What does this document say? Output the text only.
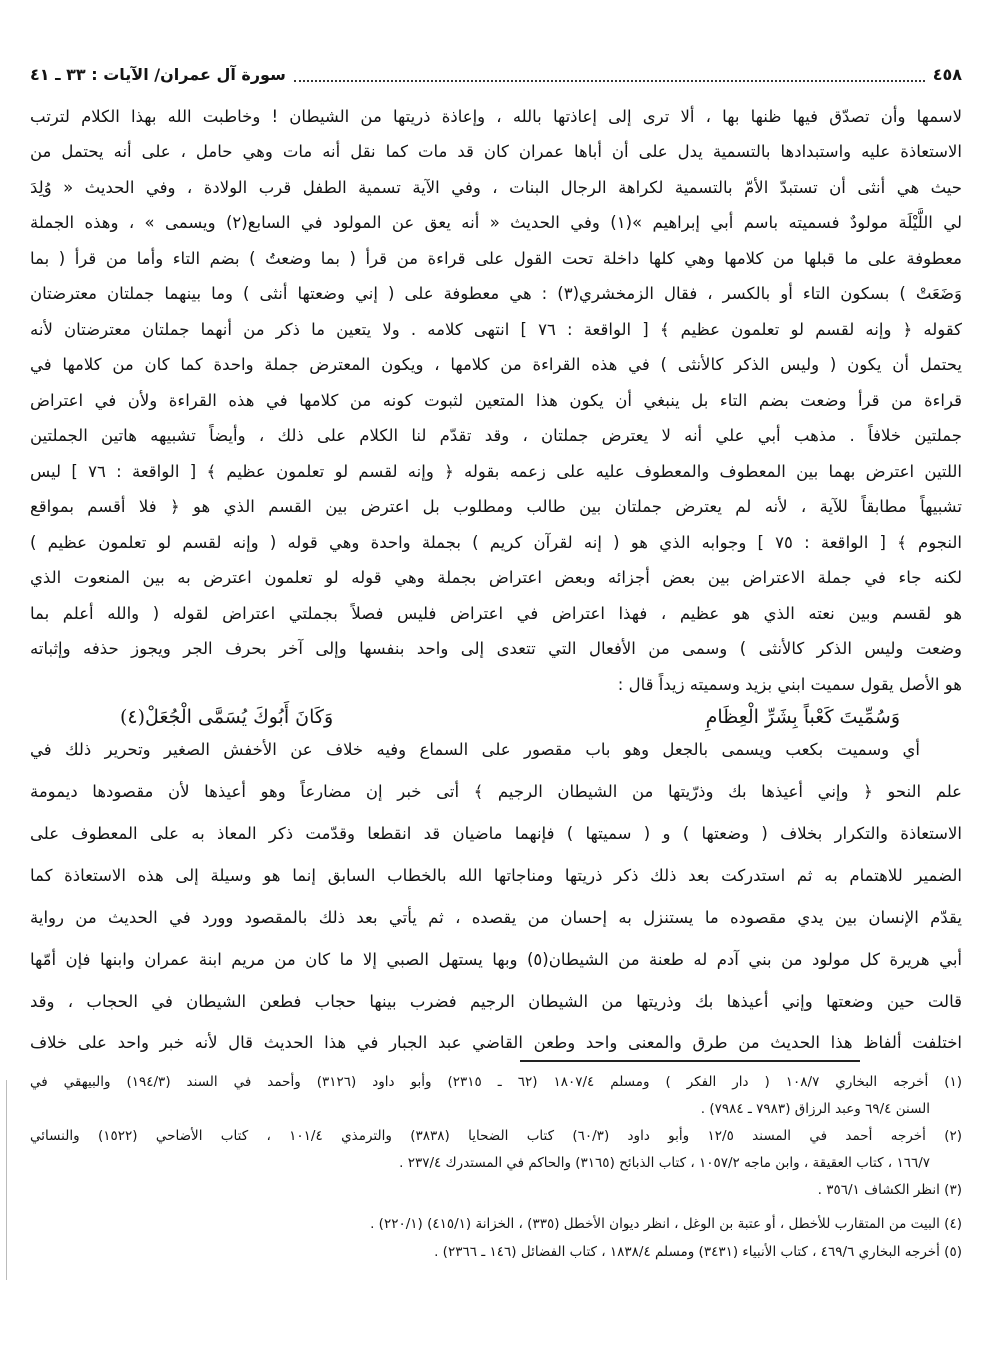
٤٥٨
سورة آل عمران/ الآيات : ٣٣ ـ ٤١
لاسمها وأن تصدّق فيها ظنها بها ، ألا ترى إلى إعاذتها بالله ، وإعاذة ذريتها من الشيطان ! وخاطبت الله بهذا الكلام لترتب
الاستعاذة عليه واستبدادها بالتسمية يدل على أن أباها عمران كان قد مات كما نقل أنه مات وهي حامل ، على أنه يحتمل من
حيث هي أنثى أن تستبدّ الأمّ بالتسمية لكراهة الرجال البنات ، وفي الآية تسمية الطفل قرب الولادة ، وفي الحديث « وُلِدَ
لي اللَّيْلَة مولودٌ فسميته باسم أبي إبراهيم »(١) وفي الحديث « أنه يعق عن المولود في السابع(٢) ويسمى » ، وهذه الجملة
معطوفة على ما قبلها من كلامها وهي كلها داخلة تحت القول على قراءة من قرأ ( بما وضعتُ ) بضم التاء وأما من قرأ ( بما
وَضَعَتْ ) بسكون التاء أو بالكسر ، فقال الزمخشري(٣) : هي معطوفة على ( إني وضعتها أنثى ) وما بينهما جملتان معترضتان
كقوله ﴿ وإنه لقسم لو تعلمون عظيم ﴾ [ الواقعة : ٧٦ ] انتهى كلامه . ولا يتعين ما ذكر من أنهما جملتان معترضتان لأنه
يحتمل أن يكون ( وليس الذكر كالأنثى ) في هذه القراءة من كلامها ، ويكون المعترض جملة واحدة كما كان من كلامها في
قراءة من قرأ وضعت بضم التاء بل ينبغي أن يكون هذا المتعين لثبوت كونه من كلامها في هذه القراءة ولأن في اعتراض
جملتين خلافاً . مذهب أبي علي أنه لا يعترض جملتان ، وقد تقدّم لنا الكلام على ذلك ، وأيضاً تشبيهه هاتين الجملتين
اللتين اعترض بهما بين المعطوف والمعطوف عليه على زعمه بقوله ﴿ وإنه لقسم لو تعلمون عظيم ﴾ [ الواقعة : ٧٦ ] ليس
تشبيهاً مطابقاً للآية ، لأنه لم يعترض جملتان بين طالب ومطلوب بل اعترض بين القسم الذي هو ﴿ فلا أقسم بمواقع
النجوم ﴾ [ الواقعة : ٧٥ ] وجوابه الذي هو ( إنه لقرآن كريم ) بجملة واحدة وهي قوله ( وإنه لقسم لو تعلمون عظيم )
لكنه جاء في جملة الاعتراض بين بعض أجزائه وبعض اعتراض بجملة وهي قوله لو تعلمون اعترض به بين المنعوت الذي
هو لقسم وبين نعته الذي هو عظيم ، فهذا اعتراض في اعتراض فليس فصلاً بجملتي اعتراض لقوله ( والله أعلم بما
وضعت وليس الذكر كالأنثى ) وسمى من الأفعال التي تتعدى إلى واحد بنفسها وإلى آخر بحرف الجر ويجوز حذفه وإثباته
هو الأصل يقول سميت ابني بزيد وسميته زيداً قال :
وَسُمِّيتَ كَعْباً بِشَرِّ الْعِظَامِ
وَكَانَ أَبُوكَ يُسَمَّى الْجُعَلْ(٤)
أي وسميت بكعب ويسمى بالجعل وهو باب مقصور على السماع وفيه خلاف عن الأخفش الصغير وتحرير ذلك في
علم النحو ﴿ وإني أعيذها بك وذرّيتها من الشيطان الرجيم ﴾ أتى خبر إن مضارعاً وهو أعيذها لأن مقصودها ديمومة
الاستعاذة والتكرار بخلاف ( وضعتها ) و ( سميتها ) فإنهما ماضيان قد انقطعا وقدّمت ذكر المعاذ به على المعطوف على
الضمير للاهتمام به ثم استدركت بعد ذلك ذكر ذريتها ومناجاتها الله بالخطاب السابق إنما هو وسيلة إلى هذه الاستعاذة كما
يقدّم الإنسان بين يدي مقصوده ما يستنزل به إحسان من يقصده ، ثم يأتي بعد ذلك بالمقصود وورد في الحديث من رواية
أبي هريرة كل مولود من بني آدم له طعنة من الشيطان(٥) وبها يستهل الصبي إلا ما كان من مريم ابنة عمران وابنها فإن أمّها
قالت حين وضعتها وإني أعيذها بك وذريتها من الشيطان الرجيم فضرب بينها حجاب فطعن الشيطان في الحجاب ، وقد
اختلفت ألفاظ هذا الحديث من طرق والمعنى واحد وطعن القاضي عبد الجبار في هذا الحديث قال لأنه خبر واحد على خلاف
(١) أخرجه البخاري ١٠٨/٧ ( دار الفكر ) ومسلم ١٨٠٧/٤ (٦٢ ـ ٢٣١٥) وأبو داود (٣١٢٦) وأحمد في السند (١٩٤/٣) والبيهقي في
السنن ٦٩/٤ وعبد الرزاق (٧٩٨٣ ـ ٧٩٨٤) .
(٢) أخرجه أحمد في المسند ١٢/٥ وأبو داود (٦٠/٣) كتاب الضحايا (٣٨٣٨) والترمذي ١٠١/٤ ، كتاب الأضاحي (١٥٢٢) والنسائي
١٦٦/٧ ، كتاب العقيقة ، وابن ماجه ١٠٥٧/٢ ، كتاب الذبائح (٣١٦٥) والحاكم في المستدرك ٢٣٧/٤ .
(٣) انظر الكشاف ٣٥٦/١ .
(٤) البيت من المتقارب للأخطل ، أو عتبة بن الوغل ، انظر ديوان الأخطل (٣٣٥) ، الخزانة (٤١٥/١) (٢٢٠/١) .
(٥) أخرجه البخاري ٤٦٩/٦ ، كتاب الأنبياء (٣٤٣١) ومسلم ١٨٣٨/٤ ، كتاب الفضائل (١٤٦ ـ ٢٣٦٦) .
